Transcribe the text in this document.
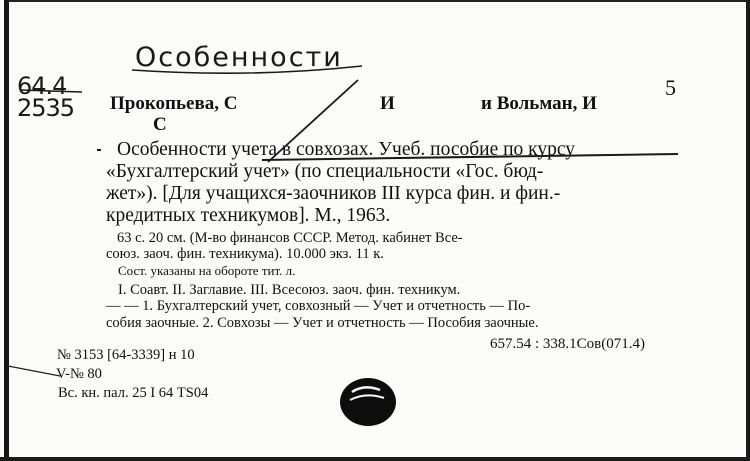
Особенности
64.4
2535
5
Прокопьева, С	И	и Вольман, И
С
Особенности учета в совхозах. Учеб. пособие по курсу
«Бухгалтерский учет» (по специальности «Гос. бюд-
жет»). [Для учащихся-заочников III курса фин. и фин.-
кредитных техникумов]. М., 1963.
63 с. 20 см. (М-во финансов СССР. Метод. кабинет Все-
союз. заоч. фин. техникума). 10.000 экз. 11 к.
Сост. указаны на обороте тит. л.
I. Соавт. II. Заглавие. III. Всесоюз. заоч. фин. техникум.
— — 1. Бухгалтерский учет, совхозный — Учет и отчетность — По-
собия заочные. 2. Совхозы — Учет и отчетность — Пособия заочные.
657.54 : 338.1Сов(071.4)
№ 3153 [64-3339] н 10
V-№ 80
Вс. кн. пал. 25 I 64 ТS04
